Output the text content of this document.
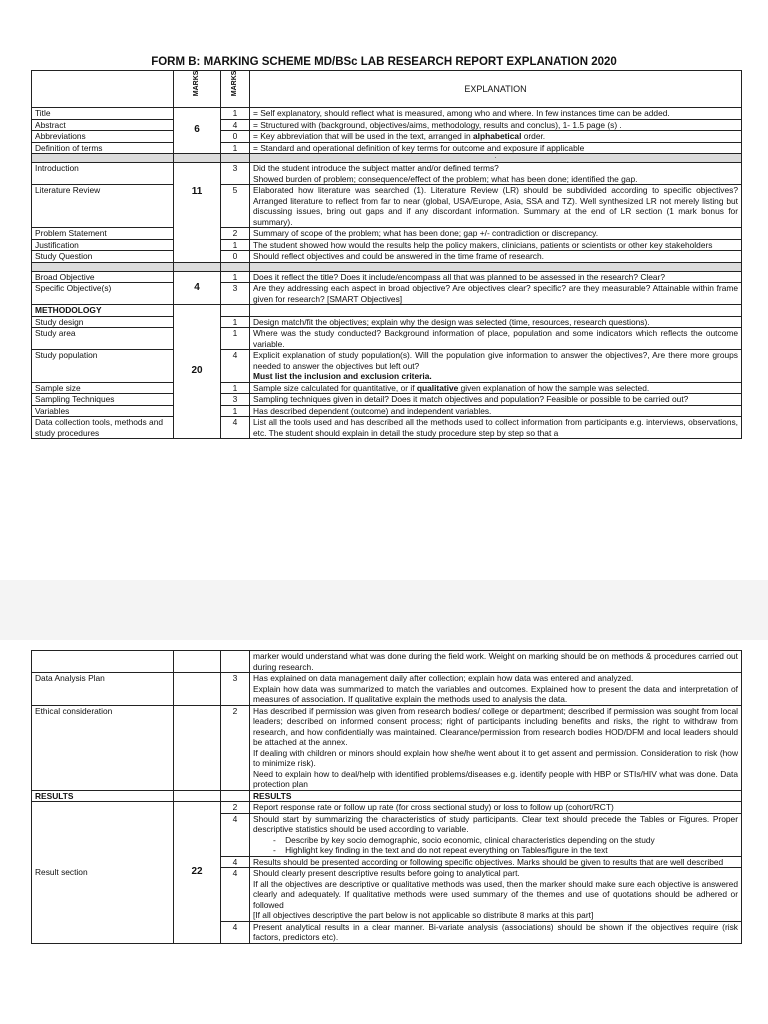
FORM B: MARKING SCHEME MD/BSc LAB RESEARCH REPORT EXPLANATION 2020

	MARKS	MARKS	EXPLANATION
Title	6	1	= Self explanatory, should reflect what is measured, among who and where. In few instances time can be added.
Abstract		4	= Structured with (background, objectives/aims, methodology, results and conclus), 1- 1.5 page (s) .
Abbreviations		0	= Key abbreviation that will be used in the text, arranged in alphabetical order.
Definition of terms		1	= Standard and operational definition of key terms for outcome and exposure if applicable
			.
Introduction	11	3	Did the student introduce the subject matter and/or defined terms?
Showed burden of problem; consequence/effect of the problem; what has been done; identified the gap.

Literature Review		5	Elaborated how literature was searched (1). Literature Review (LR) should be subdivided according to specific objectives? Arranged literature to reflect from far to near (global, USA/Europe, Asia, SSA and TZ). Well synthesized LR not merely listing but discussing issues, bring out gaps and if any discordant information. Summary at the end of LR section (1 mark bonus for summary).
Problem Statement		2	Summary of scope of the problem; what has been done; gap +/- contradiction or discrepancy.
Justification		1	The student showed how would the results help the policy makers, clinicians, patients or scientists or other key stakeholders
Study Question		0	Should reflect objectives and could be answered in the time frame of research.

Broad Objective	4	1	Does it reflect the title? Does it include/encompass all that was planned to be assessed in the research? Clear?
Specific Objective(s)		3	Are they addressing each aspect in broad objective? Are objectives clear? specific? are they measurable? Attainable within frame given for research? [SMART Objectives]
METHODOLOGY	20		
Study design		1	Design match/fit the objectives; explain why the design was selected (time, resources, research questions).
Study area		1	Where was the study conducted? Background information of place, population and some indicators which reflects the outcome variable.
Study population		4	Explicit explanation of study population(s). Will the population give information to answer the objectives?, Are there more groups needed to answer the objectives but left out?
Must list the inclusion and exclusion criteria.

Sample size		1	Sample size calculated for quantitative, or if qualitative given explanation of how the sample was selected.
Sampling Techniques		3	Sampling techniques given in detail? Does it match objectives and population? Feasible or possible to be carried out?
Variables		1	Has described dependent (outcome) and independent variables.
Data collection tools, methods and study procedures		4	List all the tools used and has described all the methods used to collect information from participants e.g. interviews, observations, etc. The student should explain in detail the study procedure step by step so that a
			marker would understand what was done during the field work. Weight on marking should be on methods & procedures carried out during research.
Data Analysis Plan		3	Has explained on data management daily after collection; explain how data was entered and analyzed.
Explain how data was summarized to match the variables and outcomes. Explained how to present the data and interpretation of measures of association. If qualitative explain the methods used to analysis the data.

Ethical consideration		2	Has described if permission was given from research bodies/ college or department; described if permission was sought from local leaders; described on informed consent process; right of participants including benefits and risks, the right to withdraw from research, and how confidentially was maintained. Clearance/permission from research bodies HOD/DFM and local leaders should be attached at the annex.
If dealing with children or minors should explain how she/he went about it to get assent and permission. Consideration to risk (how to minimize risk).
Need to explain how to deal/help with identified problems/diseases e.g. identify people with HBP or STIs/HIV what was done. Data protection plan

RESULTS			RESULTS
Result section	22	2	Report response rate or follow up rate (for cross sectional study) or loss to follow up (cohort/RCT)
		4	Should start by summarizing the characteristics of study participants. Clear text should precede the Tables or Figures. Proper descriptive statistics should be used according to variable.
-    Describe by key socio demographic, socio economic, clinical characteristics depending on the study
-    Highlight key finding in the text and do not repeat everything on Tables/figure in the text

		4	Results should be presented according or following specific objectives. Marks should be given to results that are well described
		4	Should clearly present descriptive results before going to analytical part.
If all the objectives are descriptive or qualitative methods was used, then the marker should make sure each objective is answered clearly and adequately. If qualitative methods were used summary of the themes and use of quotations should be adhered or followed
[If all objectives descriptive the part below is not applicable so distribute 8 marks at this part]

		4	Present analytical results in a clear manner. Bi-variate analysis (associations) should be shown if the objectives require (risk factors, predictors etc).
